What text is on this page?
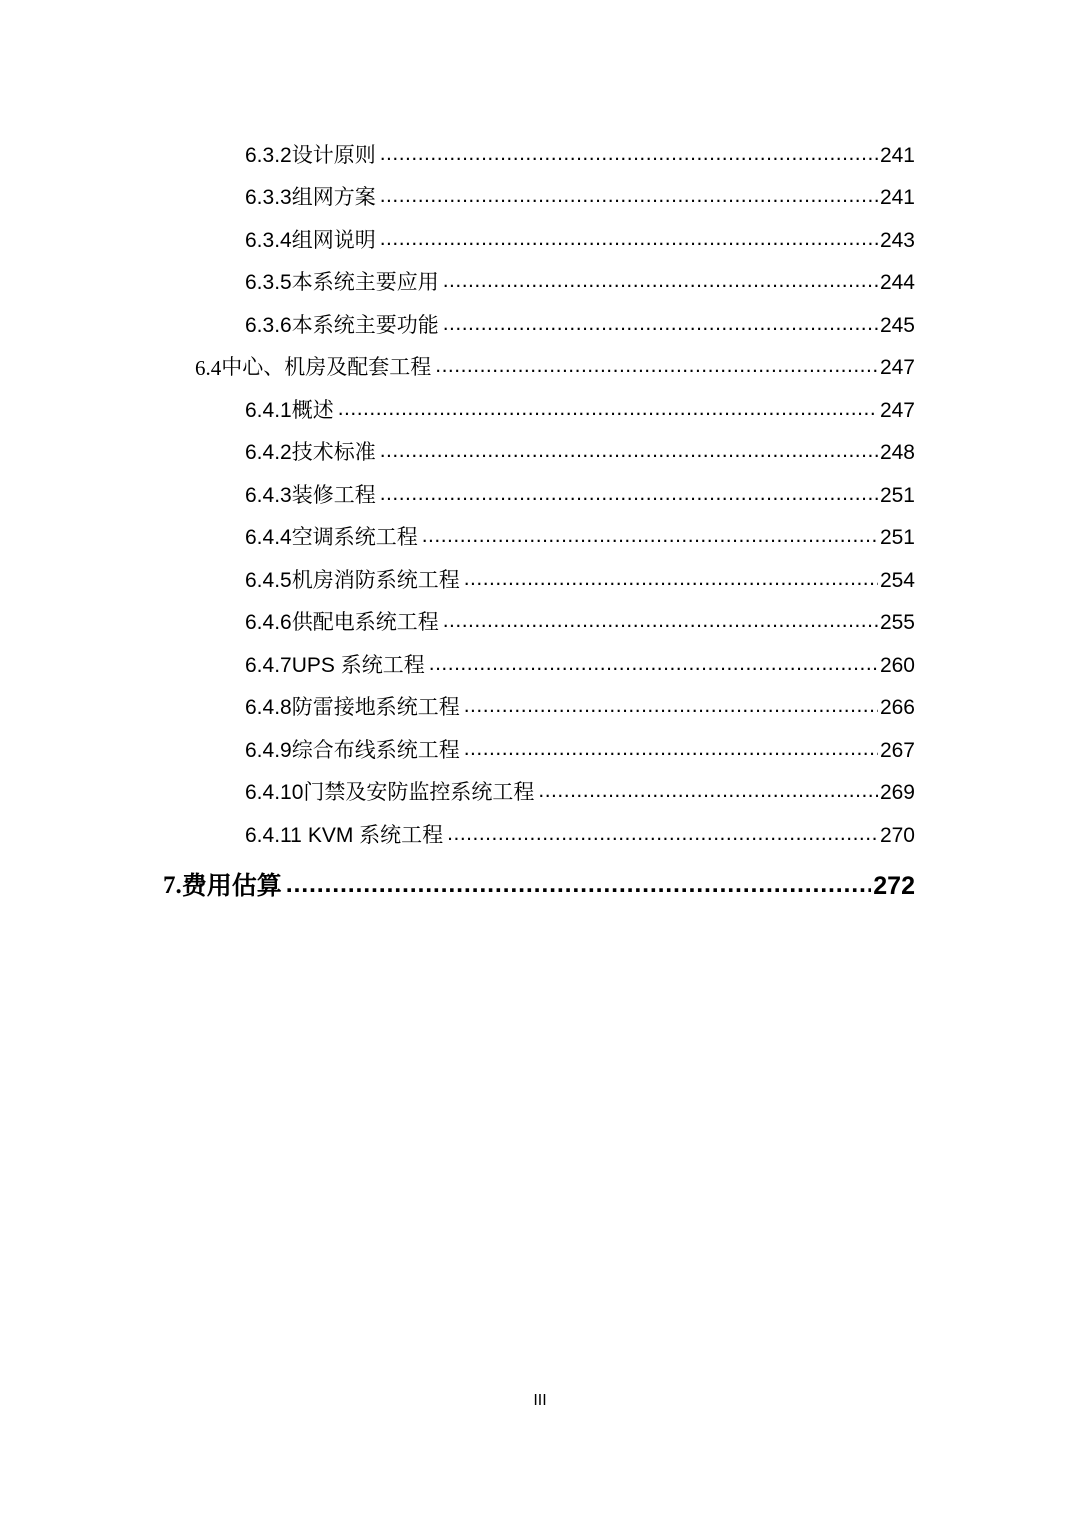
6.3.2 设计原则 .....	241
6.3.3 组网方案 .....	241
6.3.4 组网说明 .....	243
6.3.5 本系统主要应用 .....	244
6.3.6 本系统主要功能 .....	245
6.4 中心、机房及配套工程 .....	247
6.4.1 概述 .....	247
6.4.2 技术标准 .....	248
6.4.3 装修工程 .....	251
6.4.4 空调系统工程 .....	251
6.4.5 机房消防系统工程 .....	254
6.4.6 供配电系统工程 .....	255
6.4.7 UPS 系统工程 .....	260
6.4.8 防雷接地系统工程 .....	266
6.4.9 综合布线系统工程 .....	267
6.4.10 门禁及安防监控系统工程 .....	269
6.4.11 KVM 系统工程 .....	270
7. 费用估算 .....	272
III
